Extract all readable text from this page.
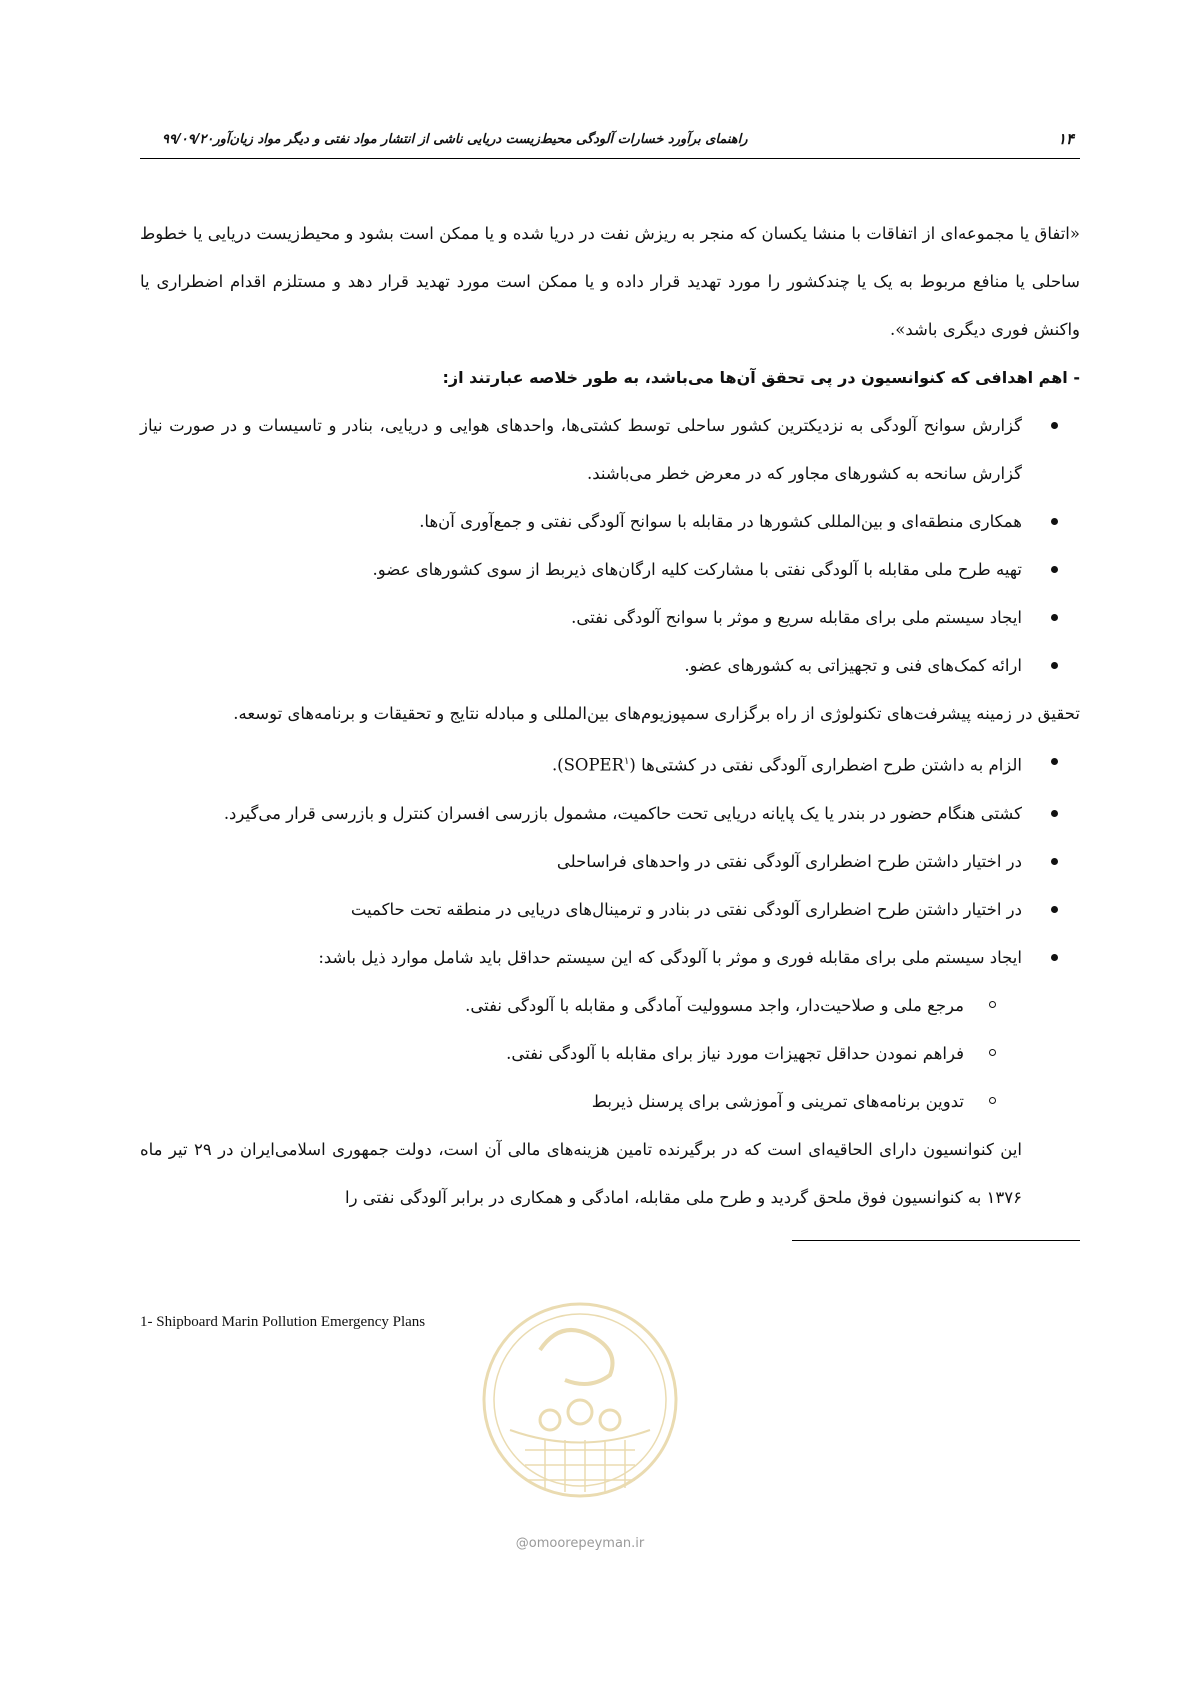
۱۴
راهنمای برآورد خسارات آلودگی محیط‌زیست دریایی ناشی از انتشار مواد نفتی و دیگر مواد زیان‌آور۹۹/۰۹/۲۰

«اتفاق یا مجموعه‌ای از اتفاقات با منشا یکسان که منجر به ریزش نفت در دریا شده و یا ممکن است بشود و محیط‌زیست دریایی یا خطوط ساحلی یا منافع مربوط به یک یا چندکشور را مورد تهدید قرار داده و یا ممکن است مورد تهدید قرار دهد و مستلزم اقدام اضطراری یا واکنش فوری دیگری باشد».

- اهم اهدافی که کنوانسیون در پی تحقق آن‌ها می‌باشد، به طور خلاصه عبارتند از:

گزارش سوانح آلودگی به نزدیکترین کشور ساحلی توسط کشتی‌ها، واحدهای هوایی و دریایی، بنادر و تاسیسات و در صورت نیاز گزارش سانحه به کشورهای مجاور که در معرض خطر می‌باشند.
همکاری منطقه‌ای و بین‌المللی کشورها در مقابله با سوانح آلودگی نفتی و جمع‌آوری آن‌ها.
تهیه طرح ملی مقابله با آلودگی نفتی با مشارکت کلیه ارگان‌های ذیربط از سوی کشورهای عضو.
ایجاد سیستم ملی برای مقابله سریع و موثر با سوانح آلودگی نفتی.
ارائه کمک‌های فنی و تجهیزاتی به کشورهای عضو.

تحقیق در زمینه پیشرفت‌های تکنولوژی از راه برگزاری سمپوزیوم‌های بین‌المللی و مبادله نتایج و تحقیقات و برنامه‌های توسعه.

الزام به داشتن طرح اضطراری آلودگی نفتی در کشتی‌ها (SOPER$^۱$).
کشتی هنگام حضور در بندر یا یک پایانه دریایی تحت حاکمیت، مشمول بازرسی افسران کنترل و بازرسی قرار می‌گیرد.
در اختیار داشتن طرح اضطراری آلودگی نفتی در واحدهای فراساحلی
در اختیار داشتن طرح اضطراری آلودگی نفتی در بنادر و ترمینال‌های دریایی در منطقه تحت حاکمیت
ایجاد سیستم ملی برای مقابله فوری و موثر با آلودگی که این سیستم حداقل باید شامل موارد ذیل باشد:
مرجع ملی و صلاحیت‌دار، واجد مسوولیت آمادگی و مقابله با آلودگی نفتی.
فراهم نمودن حداقل تجهیزات مورد نیاز برای مقابله با آلودگی نفتی.
تدوین برنامه‌های تمرینی و آموزشی برای پرسنل ذیربط

این کنوانسیون دارای الحاقیه‌ای است که در برگیرنده تامین هزینه‌های مالی آن است، دولت جمهوری اسلامی‌ایران در ۲۹ تیر ماه ۱۳۷۶ به کنوانسیون فوق ملحق گردید و طرح ملی مقابله، امادگی و همکاری در برابر آلودگی نفتی را

1- Shipboard Marin Pollution Emergency Plans
@omoorepeyman.ir
